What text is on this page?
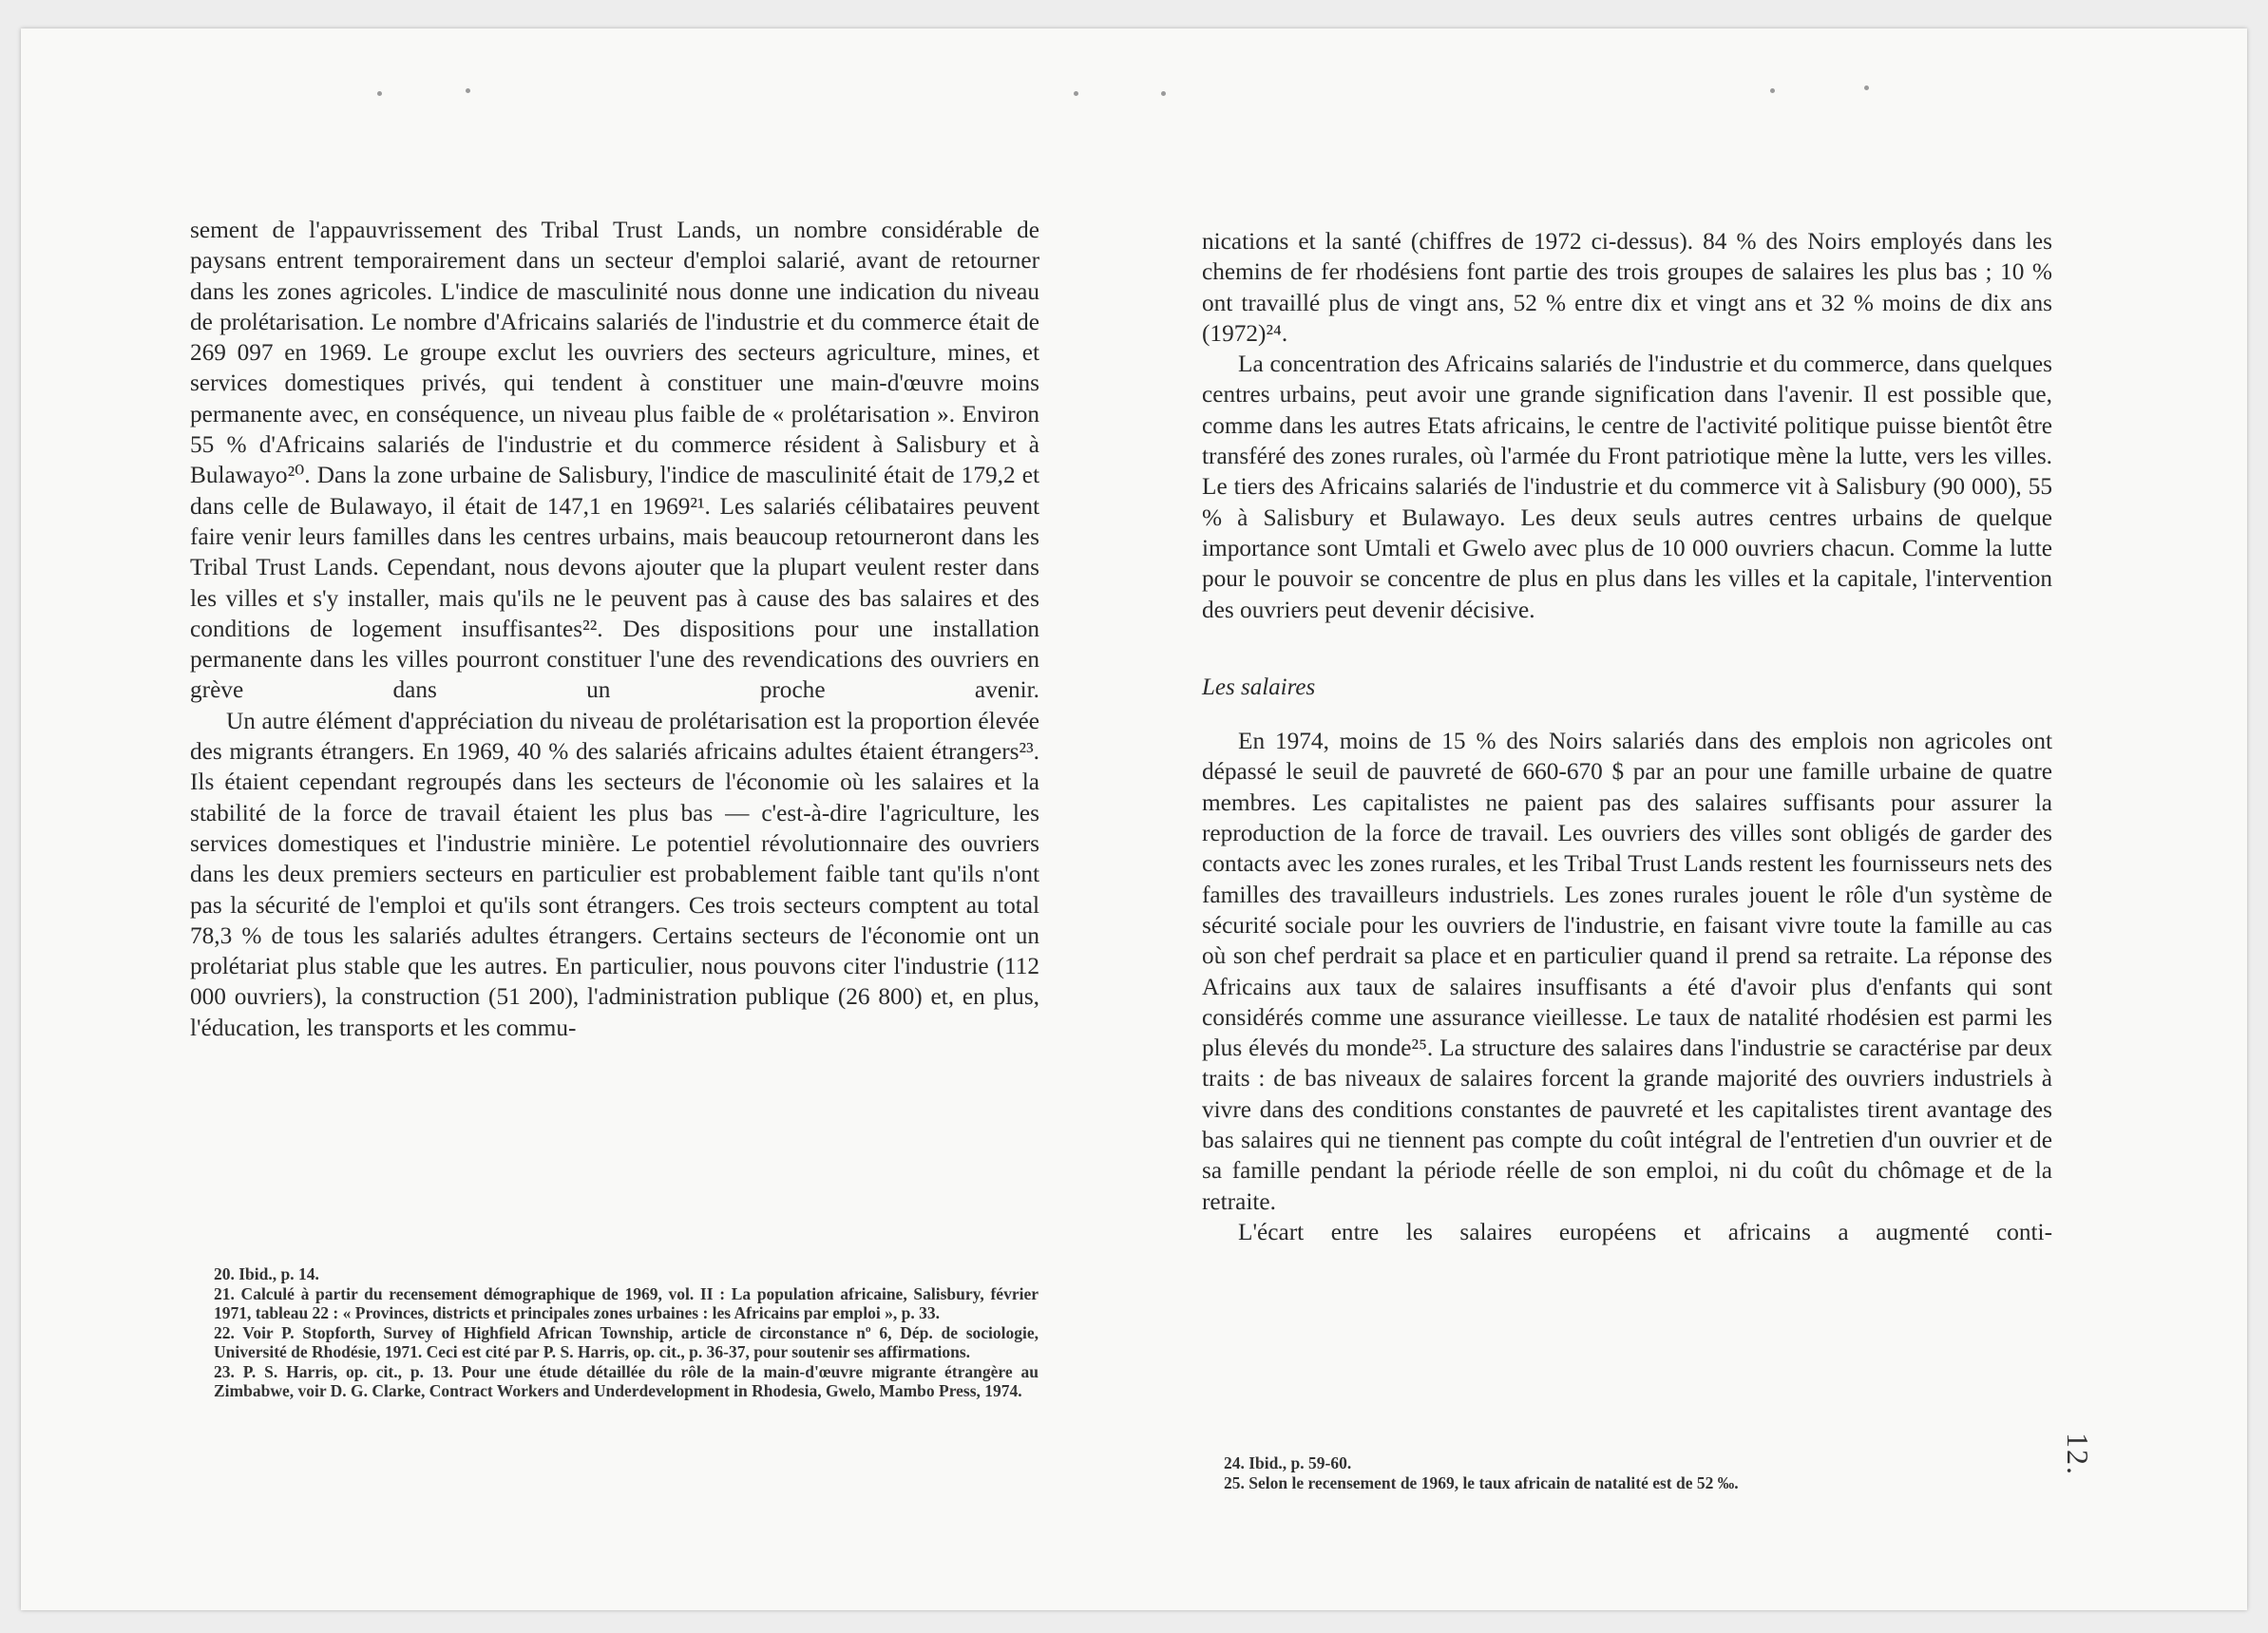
sement de l'appauvrissement des Tribal Trust Lands, un nombre considérable de paysans entrent temporairement dans un secteur d'emploi salarié, avant de retourner dans les zones agricoles. L'indice de masculinité nous donne une indication du niveau de prolétarisation. Le nombre d'Africains salariés de l'industrie et du commerce était de 269 097 en 1969. Le groupe exclut les ouvriers des secteurs agriculture, mines, et services domestiques privés, qui tendent à constituer une main-d'œuvre moins permanente avec, en conséquence, un niveau plus faible de « prolétarisation ». Environ 55 % d'Africains salariés de l'industrie et du commerce résident à Salisbury et à Bulawayo²⁰. Dans la zone urbaine de Salisbury, l'indice de masculinité était de 179,2 et dans celle de Bulawayo, il était de 147,1 en 1969²¹. Les salariés célibataires peuvent faire venir leurs familles dans les centres urbains, mais beaucoup retourneront dans les Tribal Trust Lands. Cependant, nous devons ajouter que la plupart veulent rester dans les villes et s'y installer, mais qu'ils ne le peuvent pas à cause des bas salaires et des conditions de logement insuffisantes²². Des dispositions pour une installation permanente dans les villes pourront constituer l'une des revendications des ouvriers en grève dans un proche avenir.

Un autre élément d'appréciation du niveau de prolétarisation est la proportion élevée des migrants étrangers. En 1969, 40 % des salariés africains adultes étaient étrangers²³. Ils étaient cependant regroupés dans les secteurs de l'économie où les salaires et la stabilité de la force de travail étaient les plus bas — c'est-à-dire l'agriculture, les services domestiques et l'industrie minière. Le potentiel révolutionnaire des ouvriers dans les deux premiers secteurs en particulier est probablement faible tant qu'ils n'ont pas la sécurité de l'emploi et qu'ils sont étrangers. Ces trois secteurs comptent au total 78,3 % de tous les salariés adultes étrangers. Certains secteurs de l'économie ont un prolétariat plus stable que les autres. En particulier, nous pouvons citer l'industrie (112 000 ouvriers), la construction (51 200), l'administration publique (26 800) et, en plus, l'éducation, les transports et les commu-

20. Ibid., p. 14.

21. Calculé à partir du recensement démographique de 1969, vol. II : La population africaine, Salisbury, février 1971, tableau 22 : « Provinces, districts et principales zones urbaines : les Africains par emploi », p. 33.

22. Voir P. Stopforth, Survey of Highfield African Township, article de circonstance nº 6, Dép. de sociologie, Université de Rhodésie, 1971. Ceci est cité par P. S. Harris, op. cit., p. 36-37, pour soutenir ses affirmations.

23. P. S. Harris, op. cit., p. 13. Pour une étude détaillée du rôle de la main-d'œuvre migrante étrangère au Zimbabwe, voir D. G. Clarke, Contract Workers and Underdevelopment in Rhodesia, Gwelo, Mambo Press, 1974.

nications et la santé (chiffres de 1972 ci-dessus). 84 % des Noirs employés dans les chemins de fer rhodésiens font partie des trois groupes de salaires les plus bas ; 10 % ont travaillé plus de vingt ans, 52 % entre dix et vingt ans et 32 % moins de dix ans (1972)²⁴.

La concentration des Africains salariés de l'industrie et du commerce, dans quelques centres urbains, peut avoir une grande signification dans l'avenir. Il est possible que, comme dans les autres Etats africains, le centre de l'activité politique puisse bientôt être transféré des zones rurales, où l'armée du Front patriotique mène la lutte, vers les villes. Le tiers des Africains salariés de l'industrie et du commerce vit à Salisbury (90 000), 55 % à Salisbury et Bulawayo. Les deux seuls autres centres urbains de quelque importance sont Umtali et Gwelo avec plus de 10 000 ouvriers chacun. Comme la lutte pour le pouvoir se concentre de plus en plus dans les villes et la capitale, l'intervention des ouvriers peut devenir décisive.

Les salaires

En 1974, moins de 15 % des Noirs salariés dans des emplois non agricoles ont dépassé le seuil de pauvreté de 660-670 $ par an pour une famille urbaine de quatre membres. Les capitalistes ne paient pas des salaires suffisants pour assurer la reproduction de la force de travail. Les ouvriers des villes sont obligés de garder des contacts avec les zones rurales, et les Tribal Trust Lands restent les fournisseurs nets des familles des travailleurs industriels. Les zones rurales jouent le rôle d'un système de sécurité sociale pour les ouvriers de l'industrie, en faisant vivre toute la famille au cas où son chef perdrait sa place et en particulier quand il prend sa retraite. La réponse des Africains aux taux de salaires insuffisants a été d'avoir plus d'enfants qui sont considérés comme une assurance vieillesse. Le taux de natalité rhodésien est parmi les plus élevés du monde²⁵. La structure des salaires dans l'industrie se caractérise par deux traits : de bas niveaux de salaires forcent la grande majorité des ouvriers industriels à vivre dans des conditions constantes de pauvreté et les capitalistes tirent avantage des bas salaires qui ne tiennent pas compte du coût intégral de l'entretien d'un ouvrier et de sa famille pendant la période réelle de son emploi, ni du coût du chômage et de la retraite.

L'écart entre les salaires européens et africains a augmenté conti-

24. Ibid., p. 59-60.

25. Selon le recensement de 1969, le taux africain de natalité est de 52 ‰.

12.
